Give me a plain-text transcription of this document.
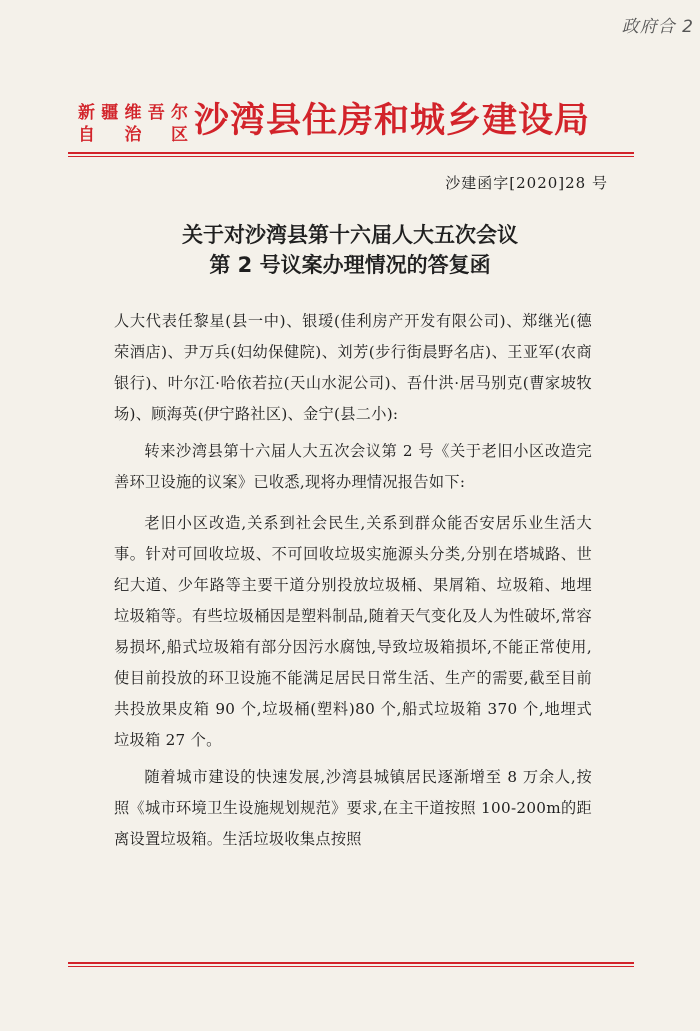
政府合 2
新疆维吾尔
自 治 区 沙湾县住房和城乡建设局
沙建函字[2020]28 号
关于对沙湾县第十六届人大五次会议
第 2 号议案办理情况的答复函

人大代表任黎星(县一中)、银瑷(佳利房产开发有限公司)、郑继光(德荣酒店)、尹万兵(妇幼保健院)、刘芳(步行街晨野名店)、王亚军(农商银行)、叶尔江·哈依若拉(天山水泥公司)、吾什洪·居马别克(曹家坡牧场)、顾海英(伊宁路社区)、金宁(县二小):

转来沙湾县第十六届人大五次会议第 2 号《关于老旧小区改造完善环卫设施的议案》已收悉,现将办理情况报告如下:

老旧小区改造,关系到社会民生,关系到群众能否安居乐业生活大事。针对可回收垃圾、不可回收垃圾实施源头分类,分别在塔城路、世纪大道、少年路等主要干道分别投放垃圾桶、果屑箱、垃圾箱、地埋垃圾箱等。有些垃圾桶因是塑料制品,随着天气变化及人为性破坏,常容易损坏,船式垃圾箱有部分因污水腐蚀,导致垃圾箱损坏,不能正常使用,使目前投放的环卫设施不能满足居民日常生活、生产的需要,截至目前共投放果皮箱 90 个,垃圾桶(塑料)80 个,船式垃圾箱 370 个,地埋式垃圾箱 27 个。

随着城市建设的快速发展,沙湾县城镇居民逐渐增至 8 万余人,按照《城市环境卫生设施规划规范》要求,在主干道按照 100-200m的距离设置垃圾箱。生活垃圾收集点按照
